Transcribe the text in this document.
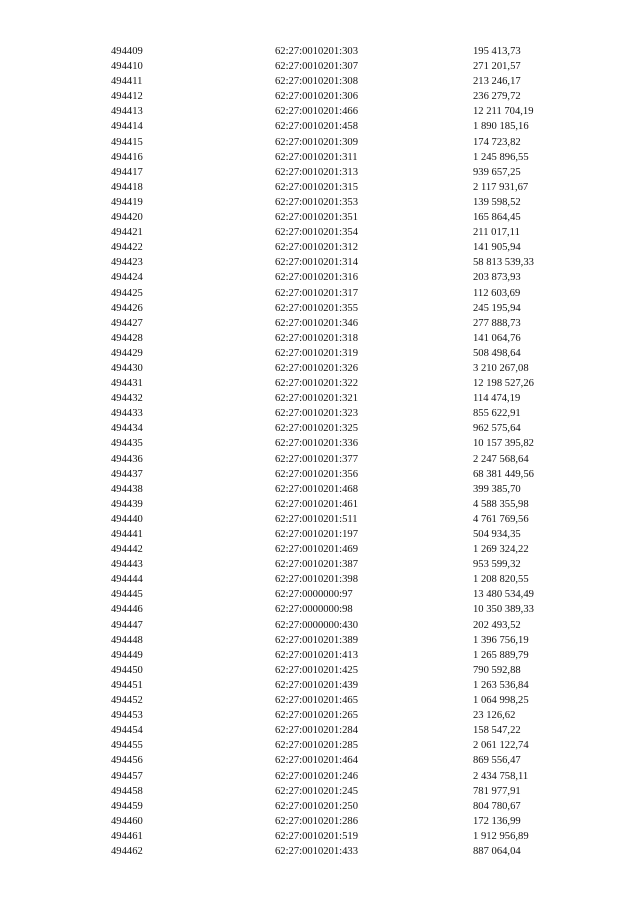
494409	62:27:0010201:303	195 413,73
494410	62:27:0010201:307	271 201,57
494411	62:27:0010201:308	213 246,17
494412	62:27:0010201:306	236 279,72
494413	62:27:0010201:466	12 211 704,19
494414	62:27:0010201:458	1 890 185,16
494415	62:27:0010201:309	174 723,82
494416	62:27:0010201:311	1 245 896,55
494417	62:27:0010201:313	939 657,25
494418	62:27:0010201:315	2 117 931,67
494419	62:27:0010201:353	139 598,52
494420	62:27:0010201:351	165 864,45
494421	62:27:0010201:354	211 017,11
494422	62:27:0010201:312	141 905,94
494423	62:27:0010201:314	58 813 539,33
494424	62:27:0010201:316	203 873,93
494425	62:27:0010201:317	112 603,69
494426	62:27:0010201:355	245 195,94
494427	62:27:0010201:346	277 888,73
494428	62:27:0010201:318	141 064,76
494429	62:27:0010201:319	508 498,64
494430	62:27:0010201:326	3 210 267,08
494431	62:27:0010201:322	12 198 527,26
494432	62:27:0010201:321	114 474,19
494433	62:27:0010201:323	855 622,91
494434	62:27:0010201:325	962 575,64
494435	62:27:0010201:336	10 157 395,82
494436	62:27:0010201:377	2 247 568,64
494437	62:27:0010201:356	68 381 449,56
494438	62:27:0010201:468	399 385,70
494439	62:27:0010201:461	4 588 355,98
494440	62:27:0010201:511	4 761 769,56
494441	62:27:0010201:197	504 934,35
494442	62:27:0010201:469	1 269 324,22
494443	62:27:0010201:387	953 599,32
494444	62:27:0010201:398	1 208 820,55
494445	62:27:0000000:97	13 480 534,49
494446	62:27:0000000:98	10 350 389,33
494447	62:27:0000000:430	202 493,52
494448	62:27:0010201:389	1 396 756,19
494449	62:27:0010201:413	1 265 889,79
494450	62:27:0010201:425	790 592,88
494451	62:27:0010201:439	1 263 536,84
494452	62:27:0010201:465	1 064 998,25
494453	62:27:0010201:265	23 126,62
494454	62:27:0010201:284	158 547,22
494455	62:27:0010201:285	2 061 122,74
494456	62:27:0010201:464	869 556,47
494457	62:27:0010201:246	2 434 758,11
494458	62:27:0010201:245	781 977,91
494459	62:27:0010201:250	804 780,67
494460	62:27:0010201:286	172 136,99
494461	62:27:0010201:519	1 912 956,89
494462	62:27:0010201:433	887 064,04
